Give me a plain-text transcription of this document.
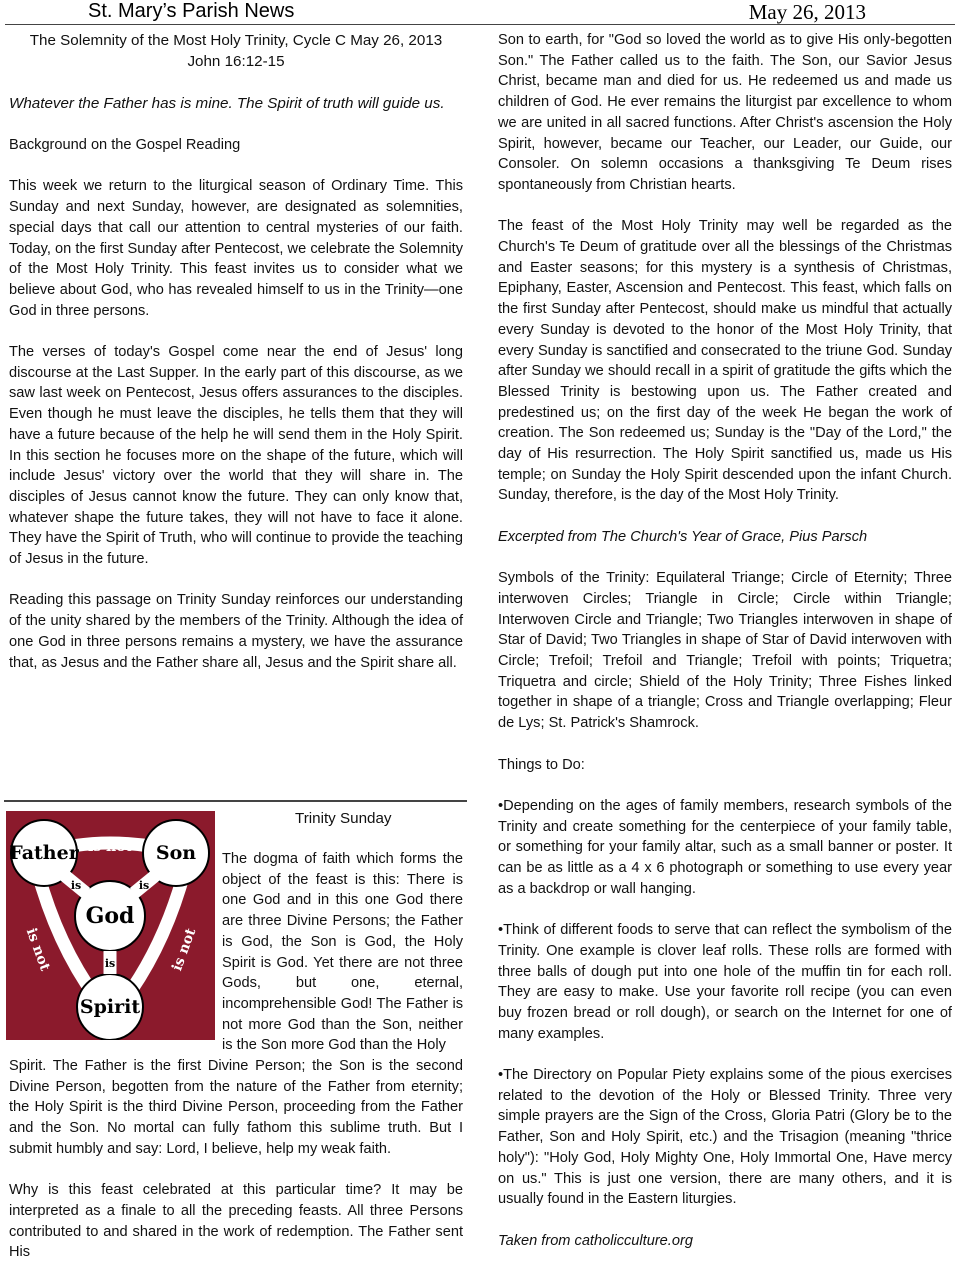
St. Mary’s Parish News	May 26, 2013
The Solemnity of the Most Holy Trinity, Cycle C May 26, 2013
John 16:12-15
Whatever the Father has is mine. The Spirit of truth will guide us.
Background on the Gospel Reading
This week we return to the liturgical season of Ordinary Time. This Sunday and next Sunday, however, are designated as solemnities, special days that call our attention to central mysteries of our faith. Today, on the first Sunday after Pentecost, we celebrate the Solemnity of the Most Holy Trinity. This feast invites us to consider what we believe about God, who has revealed himself to us in the Trinity—one God in three persons.
The verses of today's Gospel come near the end of Jesus' long discourse at the Last Supper. In the early part of this discourse, as we saw last week on Pentecost, Jesus offers assurances to the disciples. Even though he must leave the disciples, he tells them that they will have a future because of the help he will send them in the Holy Spirit. In this section he focuses more on the shape of the future, which will include Jesus' victory over the world that they will share in. The disciples of Jesus cannot know the future. They can only know that, whatever shape the future takes, they will not have to face it alone. They have the Spirit of Truth, who will continue to provide the teaching of Jesus in the future.
Reading this passage on Trinity Sunday reinforces our understanding of the unity shared by the members of the Trinity. Although the idea of one God in three persons remains a mystery, we have the assurance that, as Jesus and the Father share all, Jesus and the Spirit share all.
Trinity Sunday
Father	Son
God
Spirit
is not
is not	is not
is	is
is
The dogma of faith which forms the object of the feast is this: There is one God and in this one God there are three Divine Persons; the Father is God, the Son is God, the Holy Spirit is God. Yet there are not three Gods, but one, eternal, incomprehensible God! The Father is not more God than the Son, neither is the Son more God than the Holy
Spirit. The Father is the first Divine Person; the Son is the second Divine Person, begotten from the nature of the Father from eternity; the Holy Spirit is the third Divine Person, proceeding from the Father and the Son. No mortal can fully fathom this sublime truth. But I submit humbly and say: Lord, I believe, help my weak faith.
Why is this feast celebrated at this particular time? It may be interpreted as a finale to all the preceding feasts. All three Persons contributed to and shared in the work of redemption. The Father sent His
Son to earth, for "God so loved the world as to give His only-begotten Son." The Father called us to the faith. The Son, our Savior Jesus Christ, became man and died for us. He redeemed us and made us children of God. He ever remains the liturgist par excellence to whom we are united in all sacred functions. After Christ's ascension the Holy Spirit, however, became our Teacher, our Leader, our Guide, our Consoler. On solemn occasions a thanksgiving Te Deum rises spontaneously from Christian hearts.
The feast of the Most Holy Trinity may well be regarded as the Church's Te Deum of gratitude over all the blessings of the Christmas and Easter seasons; for this mystery is a synthesis of Christmas, Epiphany, Easter, Ascension and Pentecost. This feast, which falls on the first Sunday after Pentecost, should make us mindful that actually every Sunday is devoted to the honor of the Most Holy Trinity, that every Sunday is sanctified and consecrated to the triune God. Sunday after Sunday we should recall in a spirit of gratitude the gifts which the Blessed Trinity is bestowing upon us. The Father created and predestined us; on the first day of the week He began the work of creation. The Son redeemed us; Sunday is the "Day of the Lord," the day of His resurrection. The Holy Spirit sanctified us, made us His temple; on Sunday the Holy Spirit descended upon the infant Church. Sunday, therefore, is the day of the Most Holy Trinity.
Excerpted from The Church's Year of Grace, Pius Parsch
Symbols of the Trinity: Equilateral Triange; Circle of Eternity; Three interwoven Circles; Triangle in Circle; Circle within Triangle; Interwoven Circle and Triangle; Two Triangles interwoven in shape of Star of David; Two Triangles in shape of Star of David interwoven with Circle; Trefoil; Trefoil and Triangle; Trefoil with points; Triquetra; Triquetra and circle; Shield of the Holy Trinity; Three Fishes linked together in shape of a triangle; Cross and Triangle overlapping; Fleur de Lys; St. Patrick's Shamrock.
Things to Do:
•Depending on the ages of family members, research symbols of the Trinity and create something for the centerpiece of your family table, or something for your family altar, such as a small banner or poster. It can be as little as a 4 x 6 photograph or something to use every year as a backdrop or wall hanging.
•Think of different foods to serve that can reflect the symbolism of the Trinity. One example is clover leaf rolls. These rolls are formed with three balls of dough put into one hole of the muffin tin for each roll. They are easy to make. Use your favorite roll recipe (you can even buy frozen bread or roll dough), or search on the Internet for one of many examples.
•The Directory on Popular Piety explains some of the pious exercises related to the devotion of the Holy or Blessed Trinity. Three very simple prayers are the Sign of the Cross, Gloria Patri (Glory be to the Father, Son and Holy Spirit, etc.) and the Trisagion (meaning "thrice holy"): "Holy God, Holy Mighty One, Holy Immortal One, Have mercy on us." This is just one version, there are many others, and it is usually found in the Eastern liturgies.
Taken from catholicculture.org
